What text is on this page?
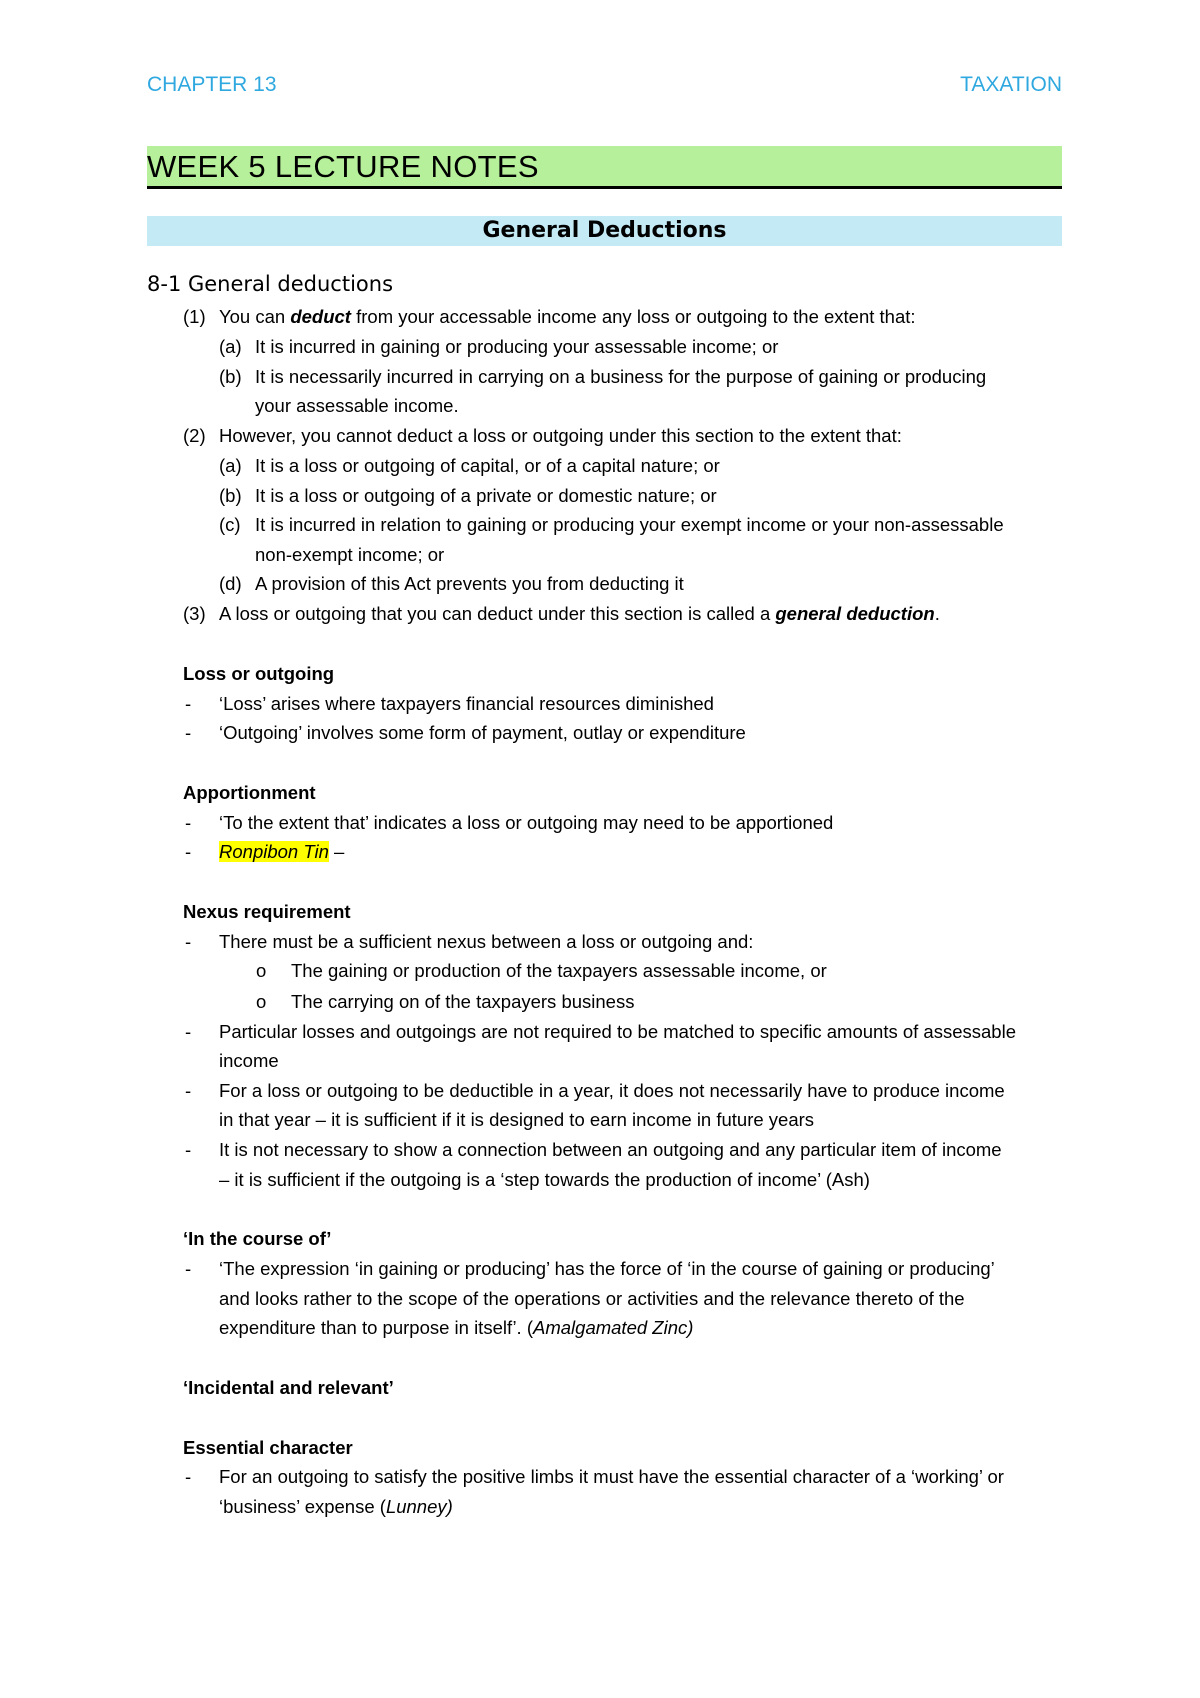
CHAPTER 13	TAXATION
WEEK 5 LECTURE NOTES
General Deductions
8-1 General deductions
(1) You can deduct from your accessable income any loss or outgoing to the extent that:
(a) It is incurred in gaining or producing your assessable income; or
(b) It is necessarily incurred in carrying on a business for the purpose of gaining or producing
your assessable income.
(2) However, you cannot deduct a loss or outgoing under this section to the extent that:
(a) It is a loss or outgoing of capital, or of a capital nature; or
(b) It is a loss or outgoing of a private or domestic nature; or
(c) It is incurred in relation to gaining or producing your exempt income or your non-assessable
non-exempt income; or
(d) A provision of this Act prevents you from deducting it
(3) A loss or outgoing that you can deduct under this section is called a general deduction.
Loss or outgoing
- ‘Loss’ arises where taxpayers financial resources diminished
- ‘Outgoing’ involves some form of payment, outlay or expenditure
Apportionment
- ‘To the extent that’ indicates a loss or outgoing may need to be apportioned
- Ronpibon Tin –
Nexus requirement
- There must be a sufficient nexus between a loss or outgoing and:
o The gaining or production of the taxpayers assessable income, or
o The carrying on of the taxpayers business
- Particular losses and outgoings are not required to be matched to specific amounts of assessable
income
- For a loss or outgoing to be deductible in a year, it does not necessarily have to produce income
in that year – it is sufficient if it is designed to earn income in future years
- It is not necessary to show a connection between an outgoing and any particular item of income
– it is sufficient if the outgoing is a ‘step towards the production of income’ (Ash)
‘In the course of’
- ‘The expression ‘in gaining or producing’ has the force of ‘in the course of gaining or producing’
and looks rather to the scope of the operations or activities and the relevance thereto of the
expenditure than to purpose in itself’. (Amalgamated Zinc)
‘Incidental and relevant’
Essential character
- For an outgoing to satisfy the positive limbs it must have the essential character of a ‘working’ or
‘business’ expense (Lunney)
